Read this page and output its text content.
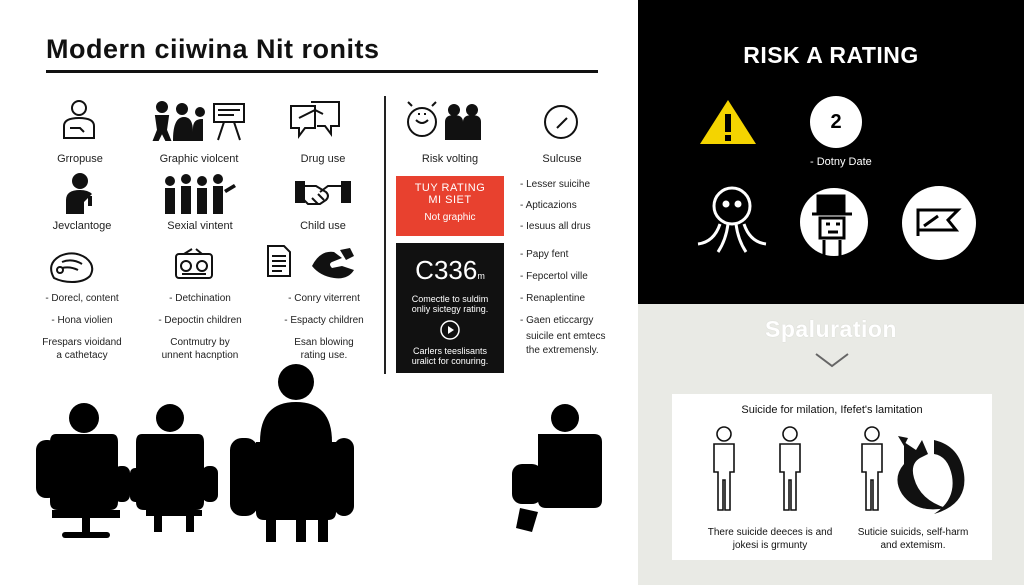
Modern ciiwina Nit ronits
Grropuse	Graphic violcent	Drug use	Risk volting	Sulcuse
Jevclantoge	Sexial vintent	Child use
- Dorecl, content
- Hona violien
Frespars vioidand
a cathetacy
- Detchination
- Depoctin children
Contmutry by
unnent hacnption
- Conry viterrent
- Espacty children
Esan blowing
rating use.
TUY RATING
MI SIET
Not graphic
C336m
Comectle to suldim
onliy sictegy rating.
Carlers teeslisants
uralict for conuring.
- Lesser suicihe
- Apticazions
- Iesuus all drus
- Papy fent
- Fepcertol ville
- Renaplentine
- Gaen eticcargy
suicile ent emtecs
the extremensly.
RISK A RATING
2
- Dotny Date
Spaluration
Suicide for milation, Ifefet's lamitation
There suicide deeces is and
jokesi is grmunty
Suticie suicids, self-harm
and extemism.
